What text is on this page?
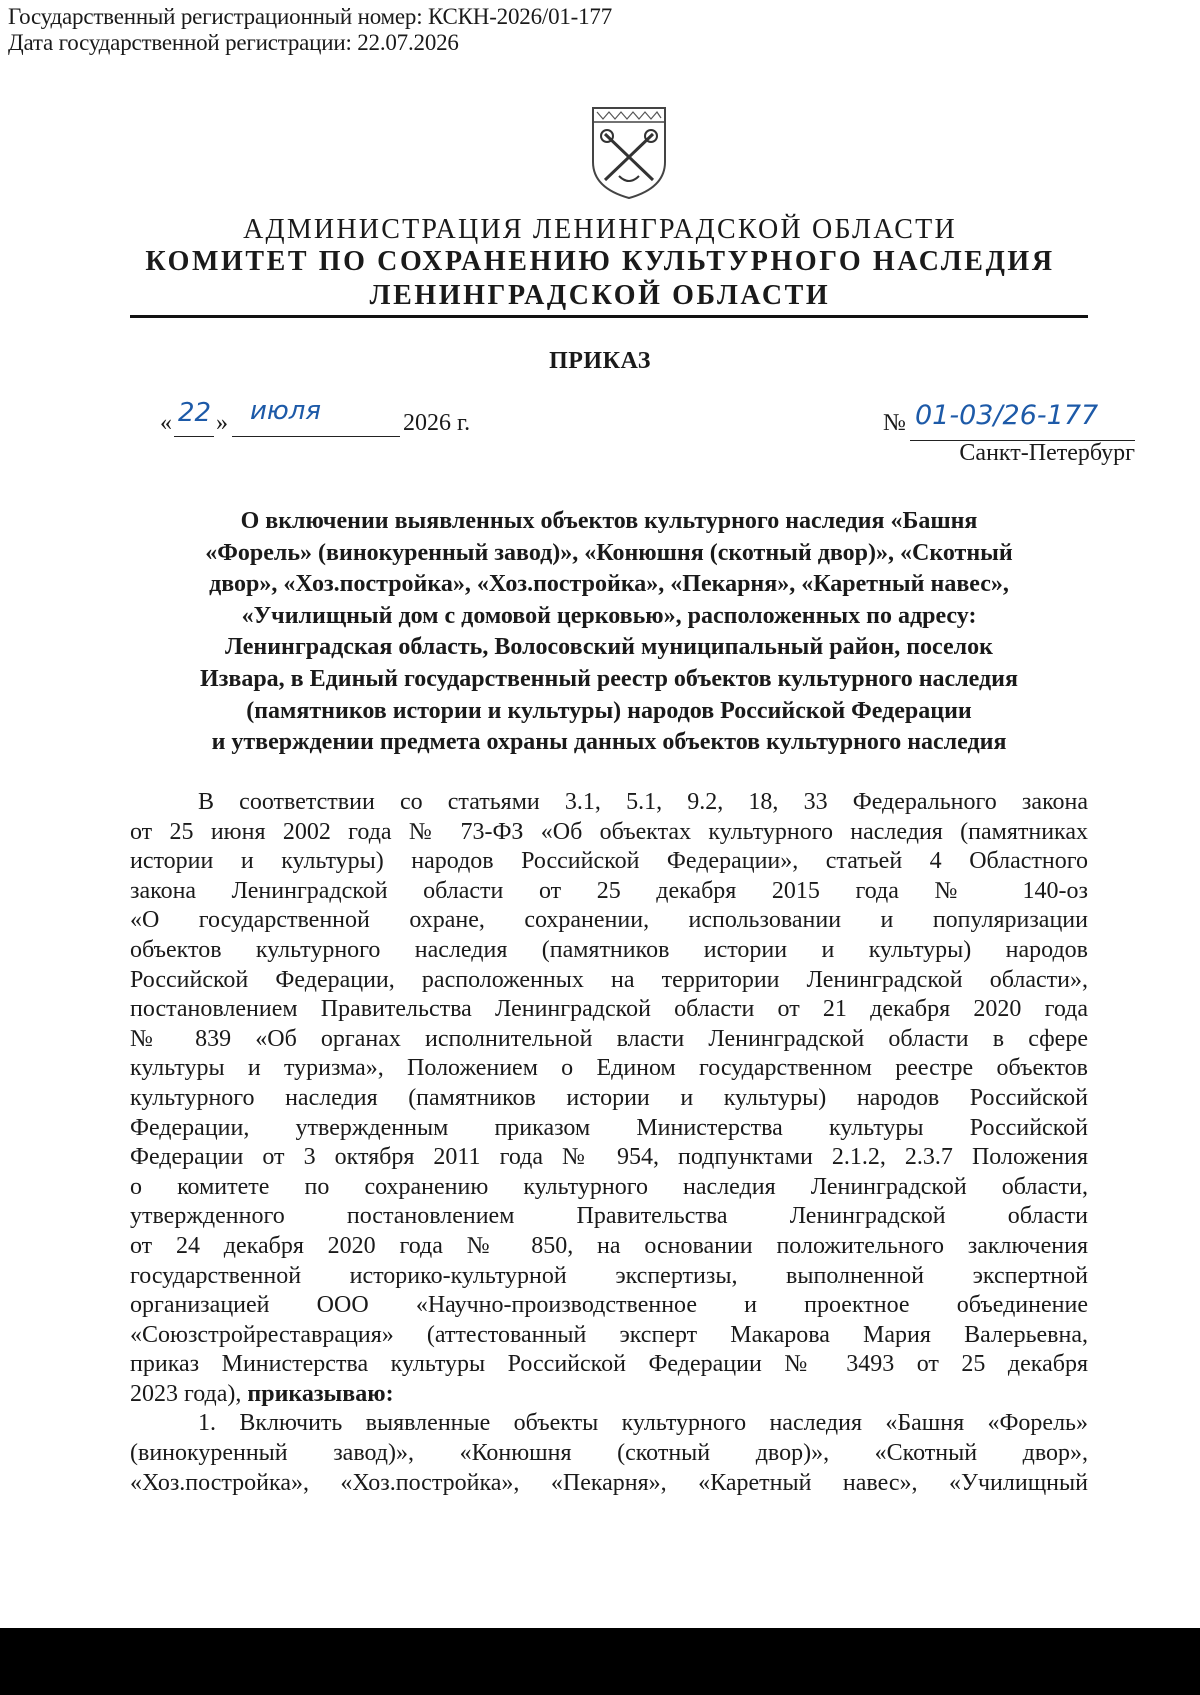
Государственный регистрационный номер: КСКН-2026/01-177
Дата государственной регистрации: 22.07.2026
АДМИНИСТРАЦИЯ ЛЕНИНГРАДСКОЙ ОБЛАСТИ
КОМИТЕТ ПО СОХРАНЕНИЮ КУЛЬТУРНОГО НАСЛЕДИЯ
ЛЕНИНГРАДСКОЙ ОБЛАСТИ
ПРИКАЗ
« 22 » июля	2026 г.	№ 01-03/26-177
Санкт-Петербург
О включении выявленных объектов культурного наследия «Башня
«Форель» (винокуренный завод)», «Конюшня (скотный двор)», «Скотный
двор», «Хоз.постройка», «Хоз.постройка», «Пекарня», «Каретный навес»,
«Училищный дом с домовой церковью», расположенных по адресу:
Ленинградская область, Волосовский муниципальный район, поселок
Извара, в Единый государственный реестр объектов культурного наследия
(памятников истории и культуры) народов Российской Федерации
и утверждении предмета охраны данных объектов культурного наследия
В соответствии со статьями 3.1, 5.1, 9.2, 18, 33 Федерального закона
от 25 июня 2002 года № 73-ФЗ «Об объектах культурного наследия (памятниках
истории и культуры) народов Российской Федерации», статьей 4 Областного
закона Ленинградской области от 25 декабря 2015 года № 140-оз
«О государственной охране, сохранении, использовании и популяризации
объектов культурного наследия (памятников истории и культуры) народов
Российской Федерации, расположенных на территории Ленинградской области»,
постановлением Правительства Ленинградской области от 21 декабря 2020 года
№ 839 «Об органах исполнительной власти Ленинградской области в сфере
культуры и туризма», Положением о Едином государственном реестре объектов
культурного наследия (памятников истории и культуры) народов Российской
Федерации, утвержденным приказом Министерства культуры Российской
Федерации от 3 октября 2011 года № 954, подпунктами 2.1.2, 2.3.7 Положения
о комитете по сохранению культурного наследия Ленинградской области,
утвержденного постановлением Правительства Ленинградской области
от 24 декабря 2020 года № 850, на основании положительного заключения
государственной историко-культурной экспертизы, выполненной экспертной
организацией ООО «Научно-производственное и проектное объединение
«Союзстройреставрация» (аттестованный эксперт Макарова Мария Валерьевна,
приказ Министерства культуры Российской Федерации № 3493 от 25 декабря
2023 года), приказываю:
1. Включить выявленные объекты культурного наследия «Башня «Форель»
(винокуренный завод)», «Конюшня (скотный двор)», «Скотный двор»,
«Хоз.постройка», «Хоз.постройка», «Пекарня», «Каретный навес», «Училищный
